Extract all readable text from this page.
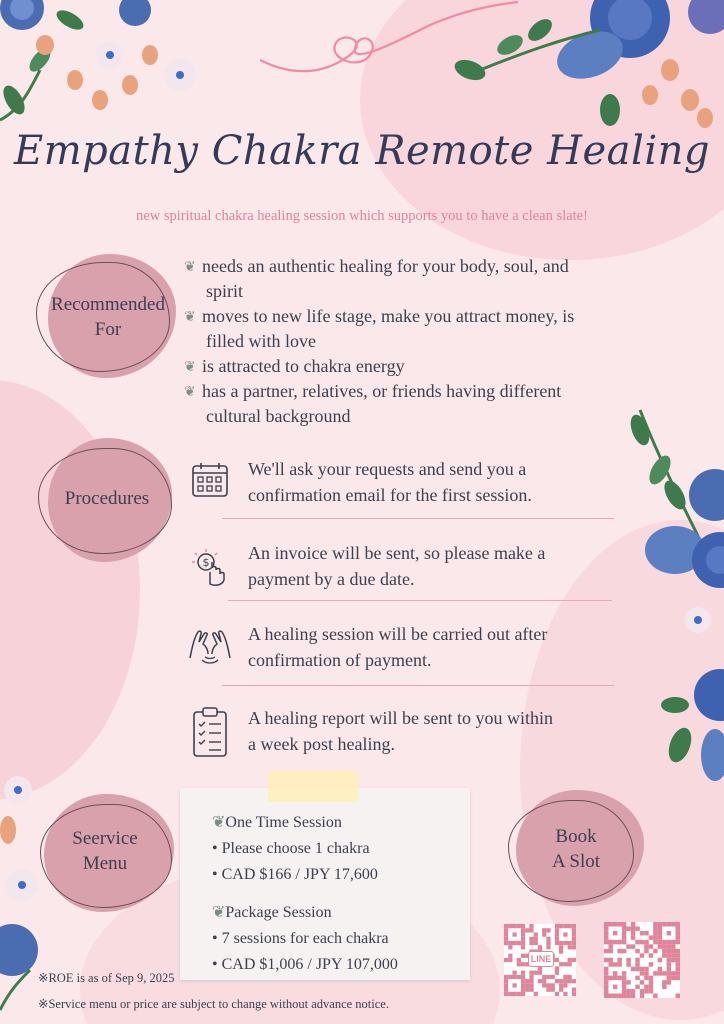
Empathy Chakra Remote Healing
new spiritual chakra healing session which supports you to have a clean slate!
Recommended
For
❦ needs an authentic healing for your body, soul, and
spirit
❦ moves to new life stage, make you attract money, is
filled with love
❦ is attracted to chakra energy
❦ has a partner, relatives, or friends having different
cultural background
Procedures
We'll ask your requests and send you a
confirmation email for the first session.
$ An invoice will be sent, so please make a
payment by a due date.
A healing session will be carried out after
confirmation of payment.
A healing report will be sent to you within
a week post healing.
Seervice
Menu
❦One Time Session
• Please choose 1 chakra
• CAD $166 / JPY 17,600
❦Package Session
• 7 sessions for each chakra
• CAD $1,006 / JPY 107,000
Book
A Slot
LINE
※ROE is as of Sep 9, 2025
※Service menu or price are subject to change without advance notice.
